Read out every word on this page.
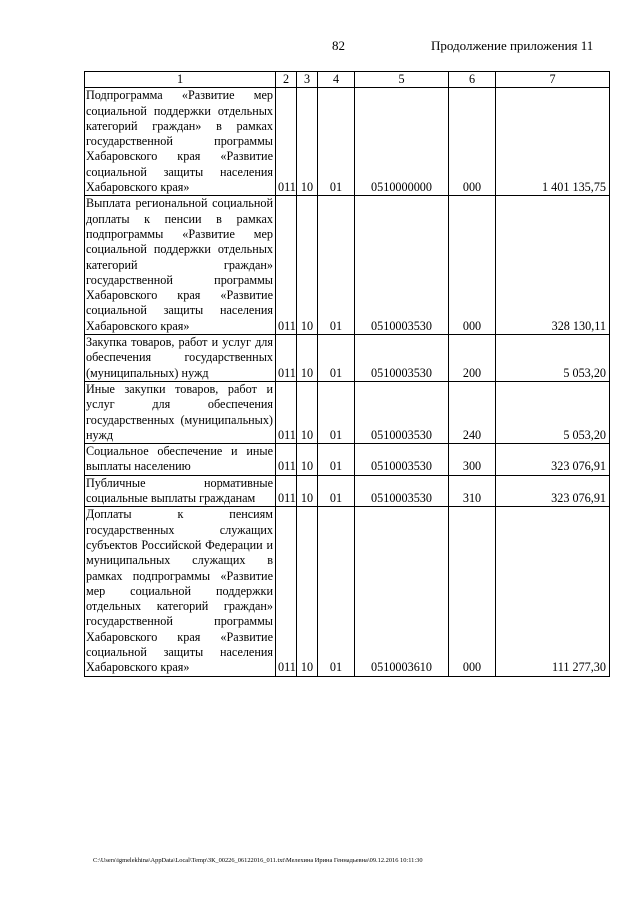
82	Продолжение приложения 11
1	2	3	4	5	6	7
Подпрограмма «Развитие мер социальной поддержки отдельных категорий граждан» в рамках государственной программы Хабаровского края «Развитие социальной защиты населения Хабаровского края»	011	10	01	0510000000	000	1 401 135,75
Выплата региональной социальной доплаты к пенсии в рамках подпрограммы «Развитие мер социальной поддержки отдельных категорий граждан» государственной программы Хабаровского края «Развитие социальной защиты населения Хабаровского края»	011	10	01	0510003530	000	328 130,11
Закупка товаров, работ и услуг для обеспечения государственных (муниципальных) нужд	011	10	01	0510003530	200	5 053,20
Иные закупки товаров, работ и услуг для обеспечения государственных (муниципальных) нужд	011	10	01	0510003530	240	5 053,20
Социальное обеспечение и иные выплаты населению	011	10	01	0510003530	300	323 076,91
Публичные нормативные социальные выплаты гражданам	011	10	01	0510003530	310	323 076,91
Доплаты к пенсиям государственных служащих субъектов Российской Федерации и муниципальных служащих в рамках подпрограммы «Развитие мер социальной поддержки отдельных категорий граждан» государственной программы Хабаровского края «Развитие социальной защиты населения Хабаровского края»	011	10	01	0510003610	000	111 277,30
C:\Users\igmelekhina\AppData\Local\Temp\ЗК_00226_06122016_011.txt\Мелехина Ирина Геннадьевна\09.12.2016 10:11:30
